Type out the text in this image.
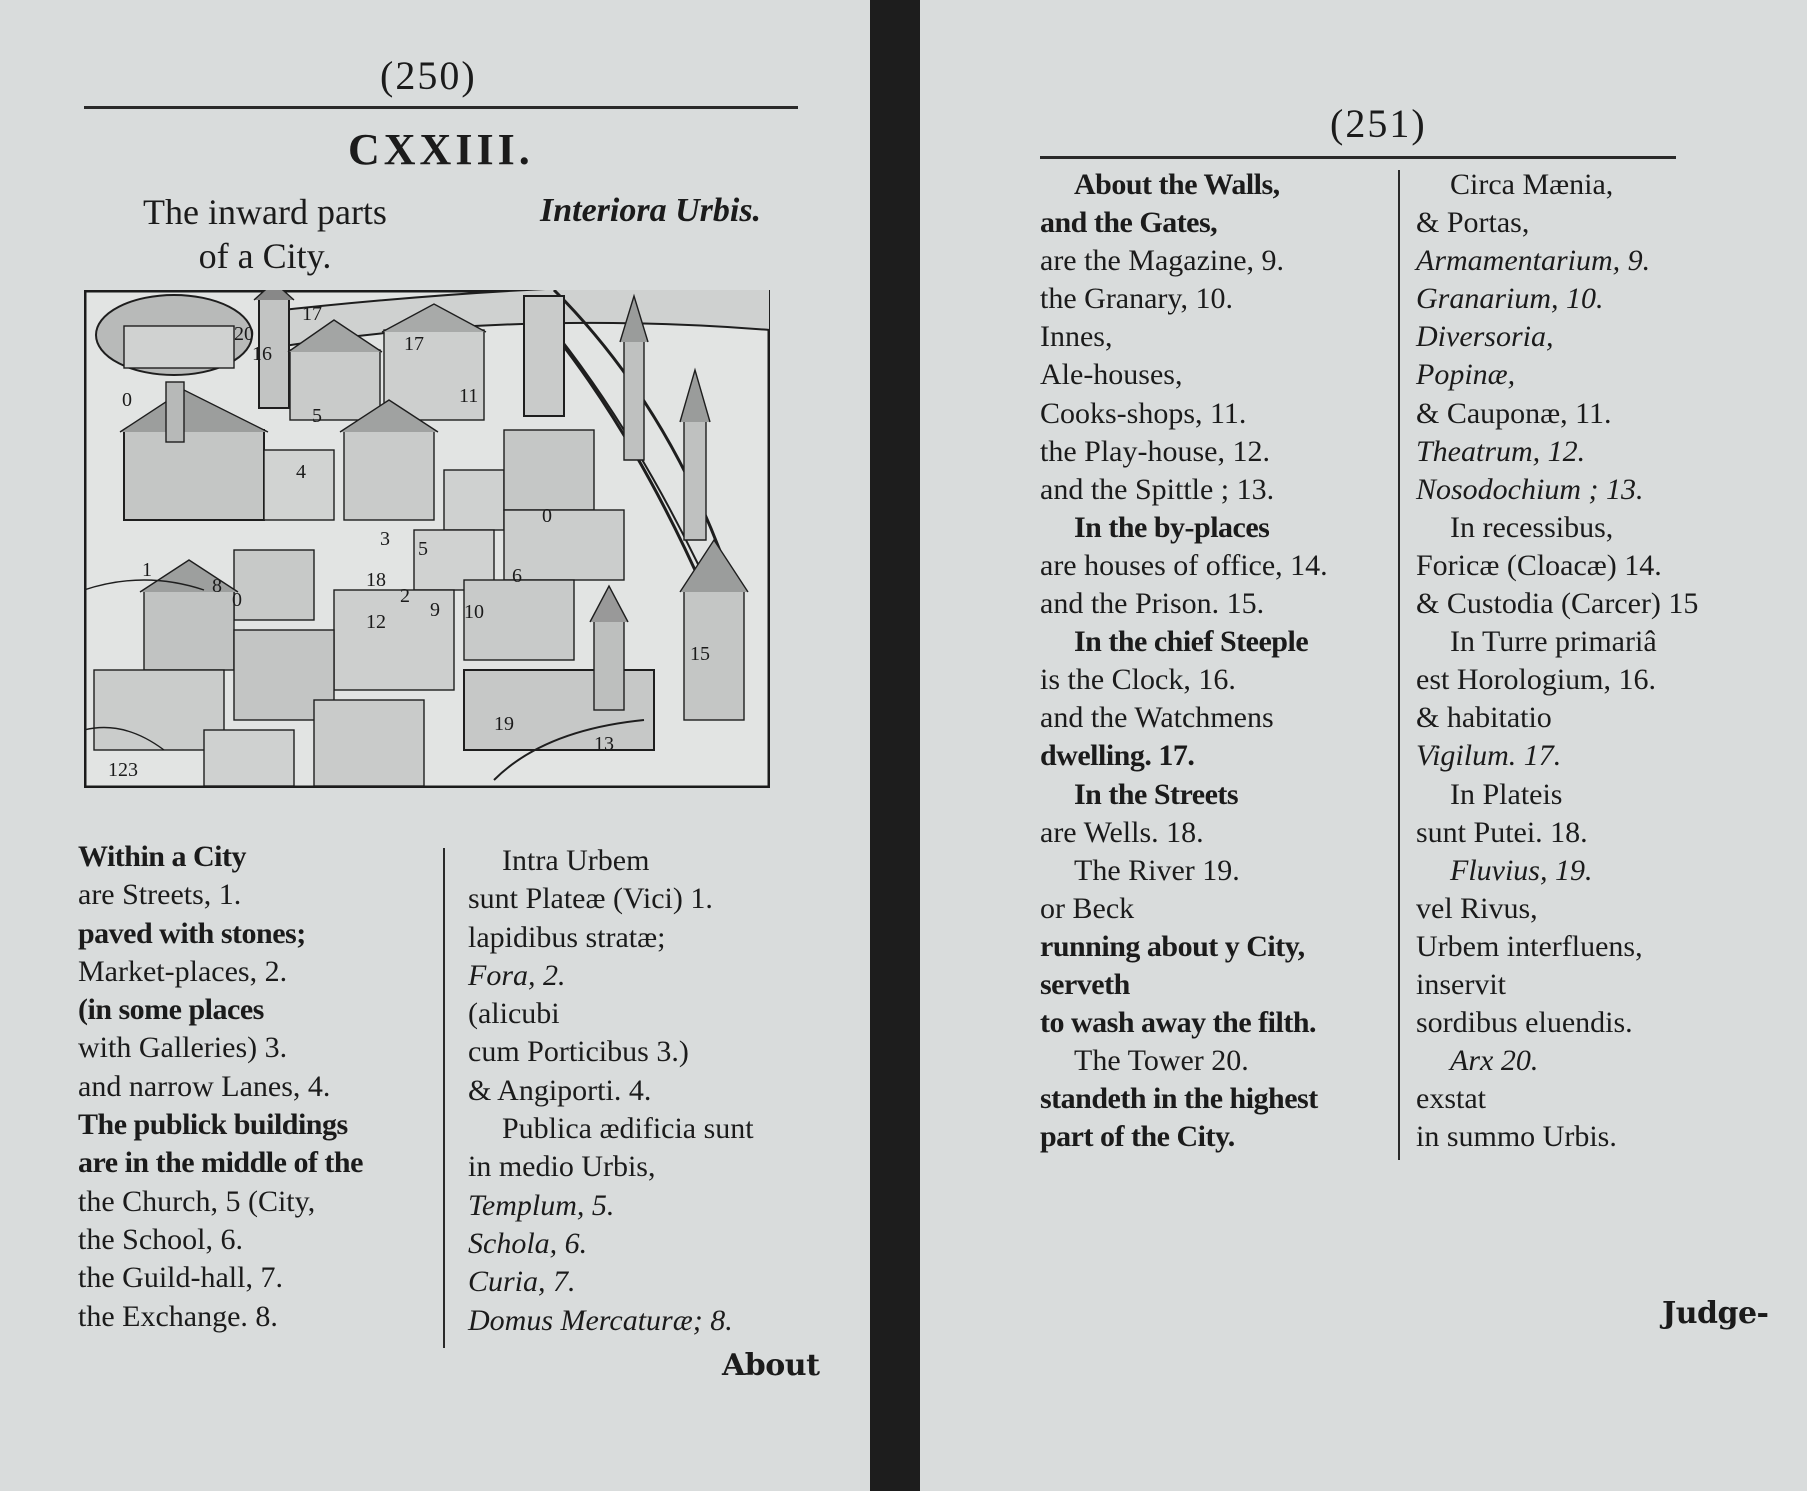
(250)
CXXIII.
The inward parts
of a City.
Interiora Urbis.
20
17
16	17
11
5
4
3 5
18
2
9 10
6
1
8
0
0
0
12
15
19
13
123
Within a City
are Streets, 1.
paved with stones;
Market-places, 2.
(in some places
with Galleries) 3.
and narrow Lanes, 4.
The publick buildings
are in the middle of the
the Church, 5 (City,
the School, 6.
the Guild-hall, 7.
the Exchange. 8.
Intra Urbem
sunt Plateæ (Vici) 1.
lapidibus stratæ;
Fora, 2.
(alicubi
cum Porticibus 3.)
& Angiporti. 4.
Publica ædificia sunt
in medio Urbis,
Templum, 5.
Schola, 6.
Curia, 7.
Domus Mercaturæ; 8.
About
(251)
About the Walls,
and the Gates,
are the Magazine, 9.
the Granary, 10.
Innes,
Ale-houses,
Cooks-shops, 11.
the Play-house, 12.
and the Spittle ; 13.
In the by-places
are houses of office, 14.
and the Prison. 15.
In the chief Steeple
is the Clock, 16.
and the Watchmens
dwelling. 17.
In the Streets
are Wells. 18.
The River 19.
or Beck
running about y City,
serveth
to wash away the filth.
The Tower 20.
standeth in the highest
part of the City.
Circa Mænia,
& Portas,
Armamentarium, 9.
Granarium, 10.
Diversoria,
Popinæ,
& Cauponæ, 11.
Theatrum, 12.
Nosodochium ; 13.
In recessibus,
Foricæ (Cloacæ) 14.
& Custodia (Carcer) 15
In Turre primariâ
est Horologium, 16.
& habitatio
Vigilum. 17.
In Plateis
sunt Putei. 18.
Fluvius, 19.
vel Rivus,
Urbem interfluens,
inservit
sordibus eluendis.
Arx 20.
exstat
in summo Urbis.
Judge-
